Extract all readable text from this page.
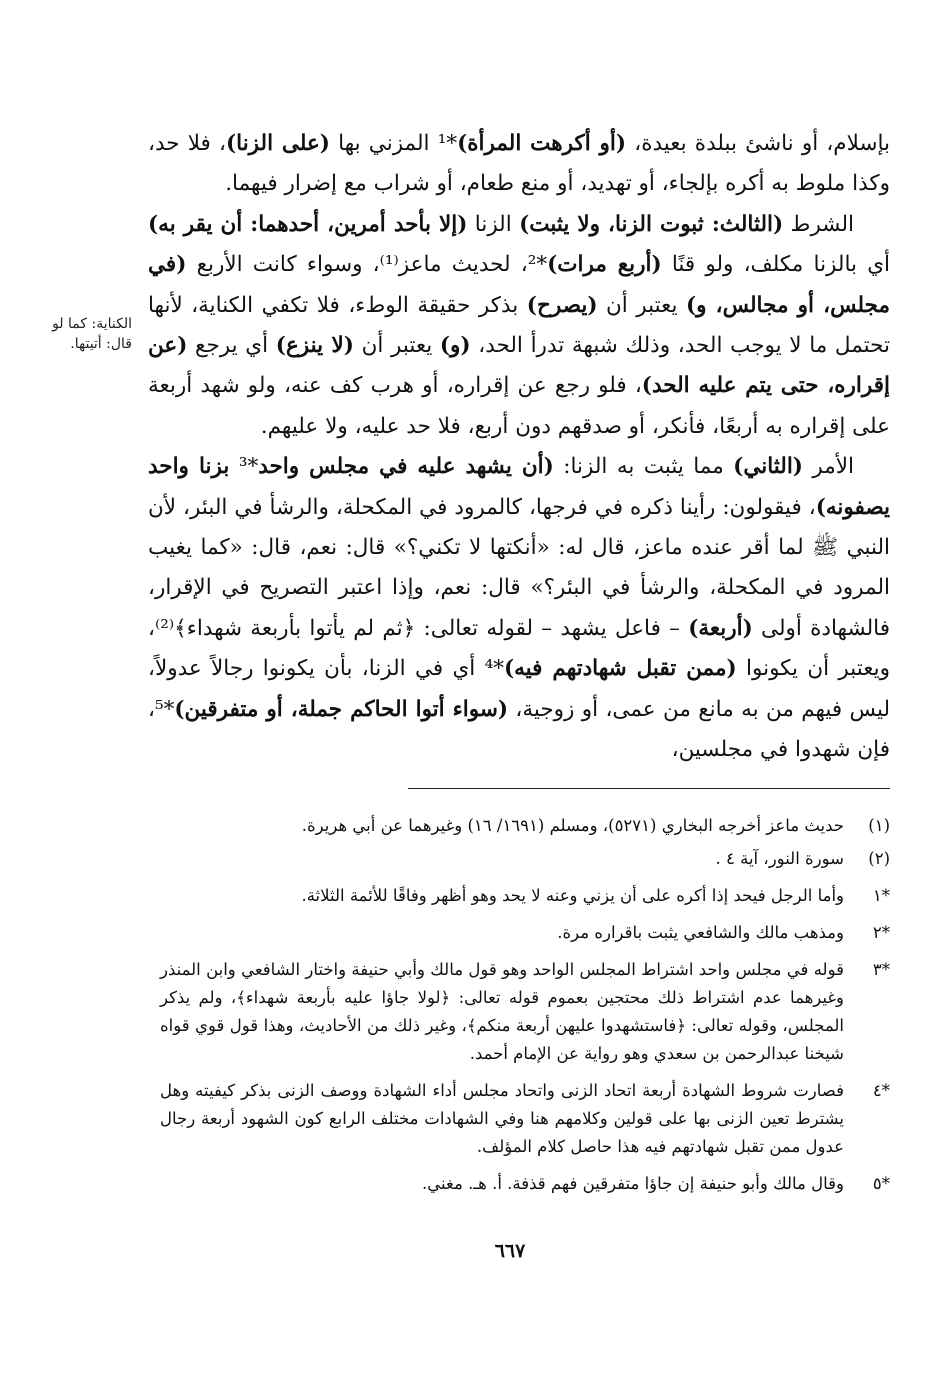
بإسلام، أو ناشئ ببلدة بعيدة، (أو أكرهت المرأة)*¹ المزني بها (على الزنا)، فلا حد، وكذا ملوط به أكره بإلجاء، أو تهديد، أو منع طعام، أو شراب مع إضرار فيهما.

الشرط (الثالث: ثبوت الزنا، ولا يثبت) الزنا (إلا بأحد أمرين، أحدهما: أن يقر به) أي بالزنا مكلف، ولو قنًا (أربع مرات)*²، لحديث ماعز⁽¹⁾، وسواء كانت الأربع (في مجلس، أو مجالس، و) يعتبر أن (يصرح) بذكر حقيقة الوطء، فلا تكفي الكناية، لأنها تحتمل ما لا يوجب الحد، وذلك شبهة تدرأ الحد، (و) يعتبر أن (لا ينزع) أي يرجع (عن إقراره، حتى يتم عليه الحد)، فلو رجع عن إقراره، أو هرب كف عنه، ولو شهد أربعة على إقراره به أربعًا، فأنكر، أو صدقهم دون أربع، فلا حد عليه، ولا عليهم.

الأمر (الثاني) مما يثبت به الزنا: (أن يشهد عليه في مجلس واحد*³ بزنا واحد يصفونه)، فيقولون: رأينا ذكره في فرجها، كالمرود في المكحلة، والرشأ في البئر، لأن النبي ﷺ لما أقر عنده ماعز، قال له: «أنكتها لا تكني؟» قال: نعم، قال: «كما يغيب المرود في المكحلة، والرشأ في البئر؟» قال: نعم، وإذا اعتبر التصريح في الإقرار، فالشهادة أولى (أربعة) – فاعل يشهد – لقوله تعالى: ﴿ثم لم يأتوا بأربعة شهداء﴾⁽²⁾، ويعتبر أن يكونوا (ممن تقبل شهادتهم فيه)*⁴ أي في الزنا، بأن يكونوا رجالاً عدولاً، ليس فيهم من به مانع من عمى، أو زوجية، (سواء أتوا الحاكم جملة، أو متفرقين)*⁵، فإن شهدوا في مجلسين،

الكناية: كما لو قال: أتيتها.
(١)
حديث ماعز أخرجه البخاري (٥٢٧١)، ومسلم (١٦٩١/ ١٦) وغيرهما عن أبي هريرة.
(٢)
سورة النور، آية ٤ .
*١
وأما الرجل فيحد إذا أكره على أن يزني وعنه لا يحد وهو أظهر وفاقًا للأئمة الثلاثة.
*٢
ومذهب مالك والشافعي يثبت باقراره مرة.
*٣
قوله في مجلس واحد اشتراط المجلس الواحد وهو قول مالك وأبي حنيفة واختار الشافعي وابن المنذر وغيرهما عدم اشتراط ذلك محتجين بعموم قوله تعالى: ﴿لولا جاؤا عليه بأربعة شهداء﴾، ولم يذكر المجلس، وقوله تعالى: ﴿فاستشهدوا عليهن أربعة منكم﴾، وغير ذلك من الأحاديث، وهذا قول قوي قواه شيخنا عبدالرحمن بن سعدي وهو رواية عن الإمام أحمد.
*٤
فصارت شروط الشهادة أربعة اتحاد الزنى واتحاد مجلس أداء الشهادة ووصف الزنى بذكر كيفيته وهل يشترط تعين الزنى بها على قولين وكلامهم هنا وفي الشهادات مختلف الرابع كون الشهود أربعة رجال عدول ممن تقبل شهادتهم فيه هذا حاصل كلام المؤلف.
*٥
وقال مالك وأبو حنيفة إن جاؤا متفرقين فهم قذفة. أ. هـ. مغني.
٦٦٧
